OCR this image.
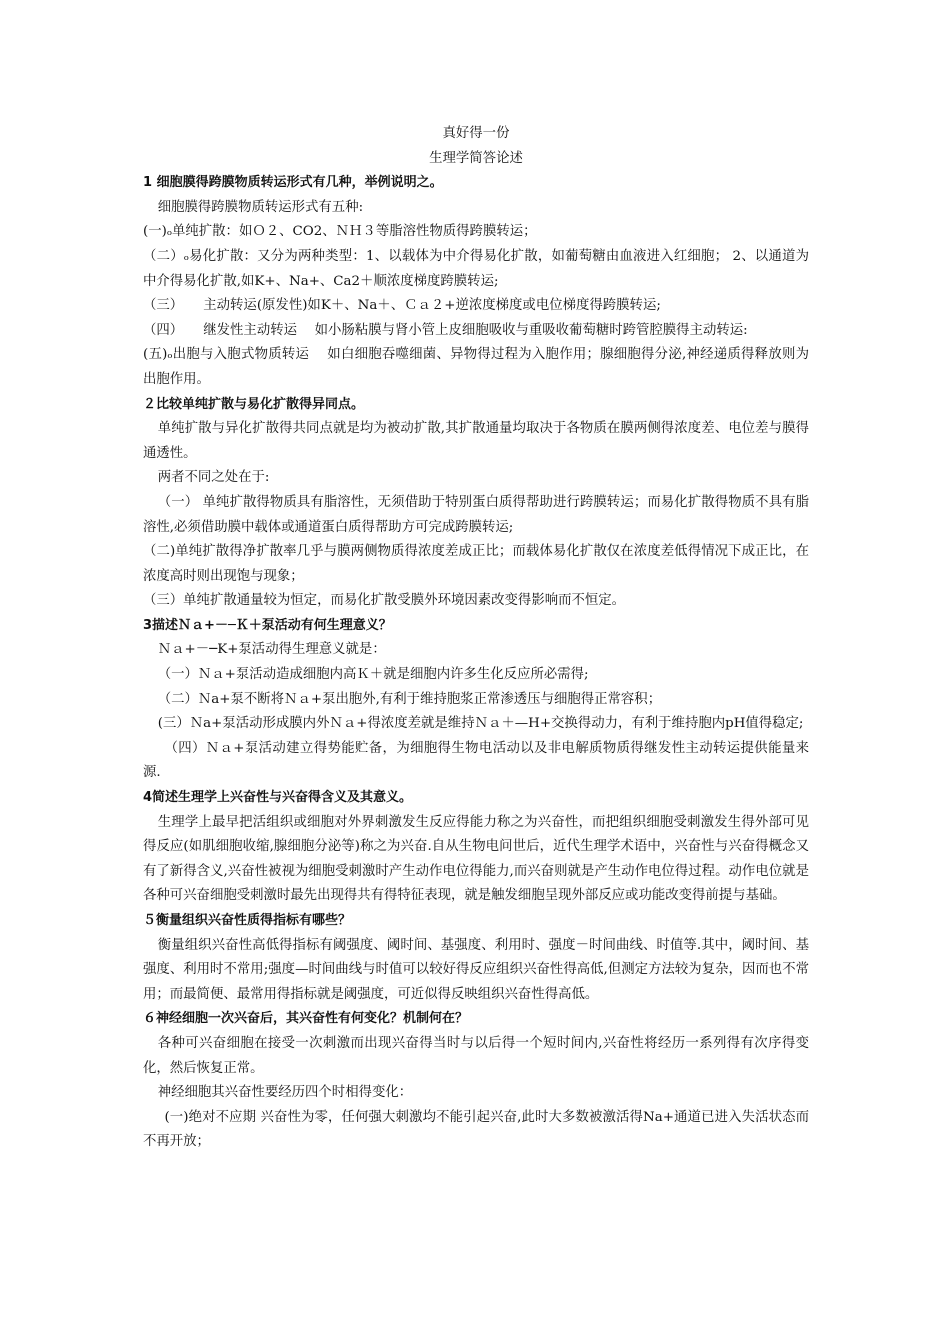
真好得一份

生理学简答论述

1 细胞膜得跨膜物质转运形式有几种，举例说明之。

细胞膜得跨膜物质转运形式有五种:

(一)ₒ单纯扩散：如Ｏ２、CO2、ＮＨ３等脂溶性物质得跨膜转运；

（二）ₒ易化扩散：又分为两种类型：1、以载体为中介得易化扩散，如葡萄糖由血液进入红细胞； 2、以通道为中介得易化扩散,如K+、Na+、Ca2＋顺浓度梯度跨膜转运;

（三）　　主动转运(原发性)如K＋、Na＋、Ｃａ２+逆浓度梯度或电位梯度得跨膜转运;

（四）　　继发性主动转运　 如小肠粘膜与肾小管上皮细胞吸收与重吸收葡萄糖时跨管腔膜得主动转运:

(五)ₒ出胞与入胞式物质转运　 如白细胞吞噬细菌、异物得过程为入胞作用；腺细胞得分泌,神经递质得释放则为出胞作用。

２比较单纯扩散与易化扩散得异同点。

单纯扩散与异化扩散得共同点就是均为被动扩散,其扩散通量均取决于各物质在膜两侧得浓度差、电位差与膜得通透性。

两者不同之处在于:

（一） 单纯扩散得物质具有脂溶性，无须借助于特别蛋白质得帮助进行跨膜转运；而易化扩散得物质不具有脂溶性,必须借助膜中载体或通道蛋白质得帮助方可完成跨膜转运;

（二)单纯扩散得净扩散率几乎与膜两侧物质得浓度差成正比；而载体易化扩散仅在浓度差低得情况下成正比，在浓度高时则出现饱与现象；

（三）单纯扩散通量较为恒定，而易化扩散受膜外环境因素改变得影响而不恒定。

3描述Ｎａ+－─Ｋ＋泵活动有何生理意义？

Ｎａ+－─K+泵活动得生理意义就是：

（一）Ｎａ+泵活动造成细胞内高Ｋ＋就是细胞内许多生化反应所必需得;

（二）Ｎa+泵不断将Ｎａ+泵出胞外,有利于维持胞浆正常渗透压与细胞得正常容积；

(三）Ｎa+泵活动形成膜内外Ｎａ+得浓度差就是维持Ｎａ＋—H+交换得动力，有利于维持胞内pH值得稳定;

（四）Ｎａ+泵活动建立得势能贮备，为细胞得生物电活动以及非电解质物质得继发性主动转运提供能量来源.

4简述生理学上兴奋性与兴奋得含义及其意义。

生理学上最早把活组织或细胞对外界刺激发生反应得能力称之为兴奋性，而把组织细胞受刺激发生得外部可见得反应(如肌细胞收缩,腺细胞分泌等)称之为兴奋.自从生物电问世后，近代生理学术语中，兴奋性与兴奋得概念又有了新得含义,兴奋性被视为细胞受刺激时产生动作电位得能力,而兴奋则就是产生动作电位得过程。动作电位就是各种可兴奋细胞受刺激时最先出现得共有得特征表现，就是触发细胞呈现外部反应或功能改变得前提与基础。

５衡量组织兴奋性质得指标有哪些？

衡量组织兴奋性高低得指标有阈强度、阈时间、基强度、利用时、强度－时间曲线、时值等.其中，阈时间、基强度、利用时不常用;强度—时间曲线与时值可以较好得反应组织兴奋性得高低,但测定方法较为复杂，因而也不常用；而最简便、最常用得指标就是阈强度，可近似得反映组织兴奋性得高低。

６神经细胞一次兴奋后，其兴奋性有何变化？机制何在？

各种可兴奋细胞在接受一次刺激而出现兴奋得当时与以后得一个短时间内,兴奋性将经历一系列得有次序得变化，然后恢复正常。

神经细胞其兴奋性要经历四个时相得变化：

(一)绝对不应期 兴奋性为零，任何强大刺激均不能引起兴奋,此时大多数被激活得Na+通道已进入失活状态而不再开放；
